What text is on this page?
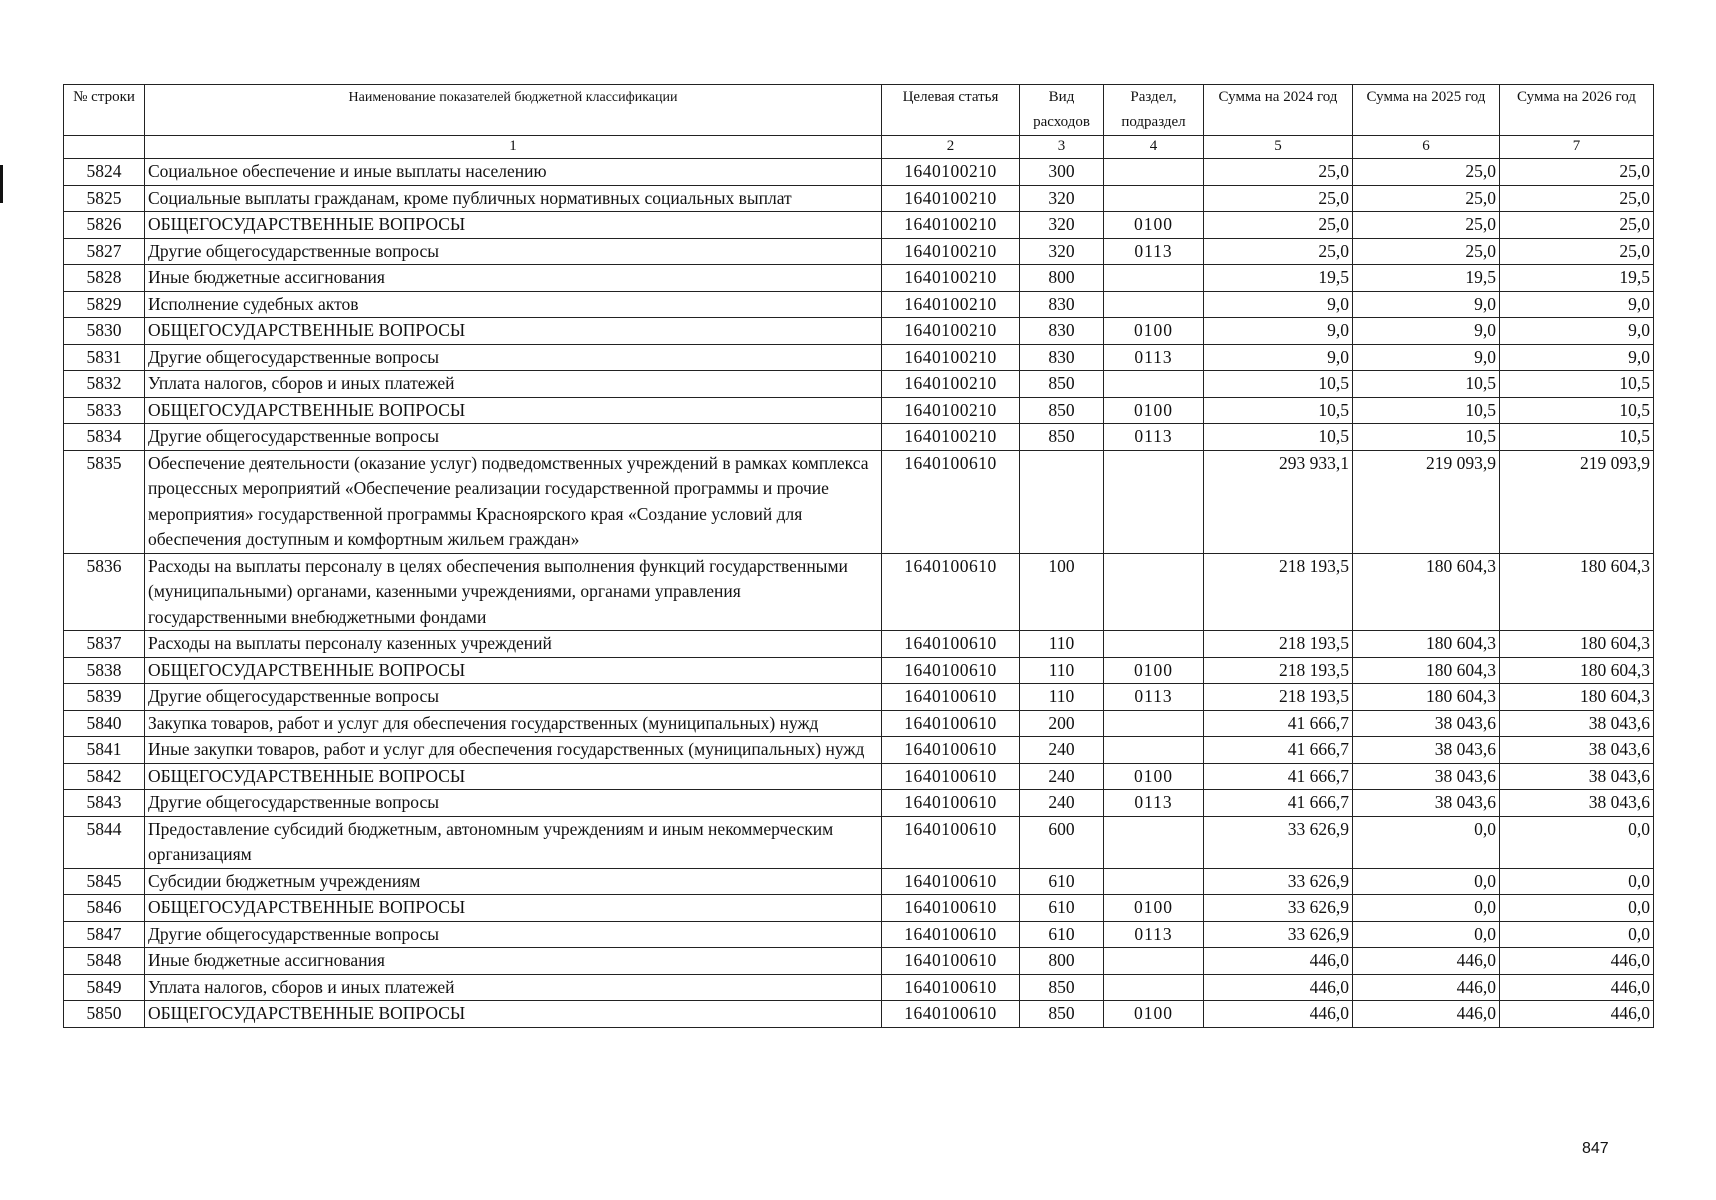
№ строки	Наименование показателей бюджетной классификации	Целевая статья	Вид расходов	Раздел, подраздел	Сумма на 2024 год	Сумма на 2025 год	Сумма на 2026 год
	1	2	3	4	5	6	7
5824	Социальное обеспечение и иные выплаты населению	1640100210	300		25,0	25,0	25,0
5825	Социальные выплаты гражданам, кроме публичных нормативных социальных выплат	1640100210	320		25,0	25,0	25,0
5826	ОБЩЕГОСУДАРСТВЕННЫЕ ВОПРОСЫ	1640100210	320	0100	25,0	25,0	25,0
5827	Другие общегосударственные вопросы	1640100210	320	0113	25,0	25,0	25,0
5828	Иные бюджетные ассигнования	1640100210	800		19,5	19,5	19,5
5829	Исполнение судебных актов	1640100210	830		9,0	9,0	9,0
5830	ОБЩЕГОСУДАРСТВЕННЫЕ ВОПРОСЫ	1640100210	830	0100	9,0	9,0	9,0
5831	Другие общегосударственные вопросы	1640100210	830	0113	9,0	9,0	9,0
5832	Уплата налогов, сборов и иных платежей	1640100210	850		10,5	10,5	10,5
5833	ОБЩЕГОСУДАРСТВЕННЫЕ ВОПРОСЫ	1640100210	850	0100	10,5	10,5	10,5
5834	Другие общегосударственные вопросы	1640100210	850	0113	10,5	10,5	10,5
5835	Обеспечение деятельности (оказание услуг) подведомственных учреждений в рамках комплекса процессных мероприятий «Обеспечение реализации государственной программы и прочие мероприятия» государственной программы Красноярского края «Создание условий для обеспечения доступным и комфортным жильем граждан»	1640100610			293 933,1	219 093,9	219 093,9
5836	Расходы на выплаты персоналу в целях обеспечения выполнения функций государственными (муниципальными) органами, казенными учреждениями, органами управления государственными внебюджетными фондами	1640100610	100		218 193,5	180 604,3	180 604,3
5837	Расходы на выплаты персоналу казенных учреждений	1640100610	110		218 193,5	180 604,3	180 604,3
5838	ОБЩЕГОСУДАРСТВЕННЫЕ ВОПРОСЫ	1640100610	110	0100	218 193,5	180 604,3	180 604,3
5839	Другие общегосударственные вопросы	1640100610	110	0113	218 193,5	180 604,3	180 604,3
5840	Закупка товаров, работ и услуг для обеспечения государственных (муниципальных) нужд	1640100610	200		41 666,7	38 043,6	38 043,6
5841	Иные закупки товаров, работ и услуг для обеспечения государственных (муниципальных) нужд	1640100610	240		41 666,7	38 043,6	38 043,6
5842	ОБЩЕГОСУДАРСТВЕННЫЕ ВОПРОСЫ	1640100610	240	0100	41 666,7	38 043,6	38 043,6
5843	Другие общегосударственные вопросы	1640100610	240	0113	41 666,7	38 043,6	38 043,6
5844	Предоставление субсидий бюджетным, автономным учреждениям и иным некоммерческим организациям	1640100610	600		33 626,9	0,0	0,0
5845	Субсидии бюджетным учреждениям	1640100610	610		33 626,9	0,0	0,0
5846	ОБЩЕГОСУДАРСТВЕННЫЕ ВОПРОСЫ	1640100610	610	0100	33 626,9	0,0	0,0
5847	Другие общегосударственные вопросы	1640100610	610	0113	33 626,9	0,0	0,0
5848	Иные бюджетные ассигнования	1640100610	800		446,0	446,0	446,0
5849	Уплата налогов, сборов и иных платежей	1640100610	850		446,0	446,0	446,0
5850	ОБЩЕГОСУДАРСТВЕННЫЕ ВОПРОСЫ	1640100610	850	0100	446,0	446,0	446,0
847
